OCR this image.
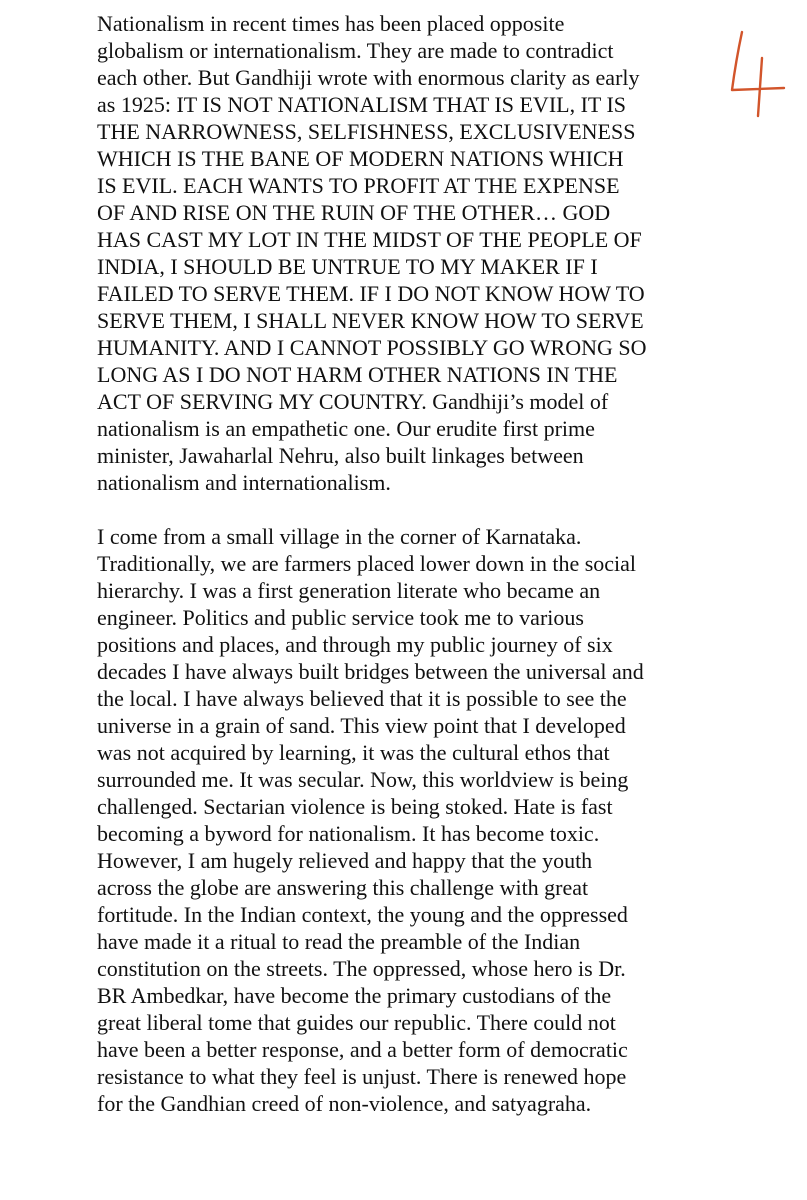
Nationalism in recent times has been placed opposite
globalism or internationalism. They are made to contradict
each other. But Gandhiji wrote with enormous clarity as early
as 1925: IT IS NOT NATIONALISM THAT IS EVIL, IT IS
THE NARROWNESS, SELFISHNESS, EXCLUSIVENESS
WHICH IS THE BANE OF MODERN NATIONS WHICH
IS EVIL. EACH WANTS TO PROFIT AT THE EXPENSE
OF AND RISE ON THE RUIN OF THE OTHER… GOD
HAS CAST MY LOT IN THE MIDST OF THE PEOPLE OF
INDIA, I SHOULD BE UNTRUE TO MY MAKER IF I
FAILED TO SERVE THEM. IF I DO NOT KNOW HOW TO
SERVE THEM, I SHALL NEVER KNOW HOW TO SERVE
HUMANITY. AND I CANNOT POSSIBLY GO WRONG SO
LONG AS I DO NOT HARM OTHER NATIONS IN THE
ACT OF SERVING MY COUNTRY. Gandhiji’s model of
nationalism is an empathetic one. Our erudite first prime
minister, Jawaharlal Nehru, also built linkages between
nationalism and internationalism.

I come from a small village in the corner of Karnataka.
Traditionally, we are farmers placed lower down in the social
hierarchy. I was a first generation literate who became an
engineer. Politics and public service took me to various
positions and places, and through my public journey of six
decades I have always built bridges between the universal and
the local. I have always believed that it is possible to see the
universe in a grain of sand. This view point that I developed
was not acquired by learning, it was the cultural ethos that
surrounded me. It was secular. Now, this worldview is being
challenged. Sectarian violence is being stoked. Hate is fast
becoming a byword for nationalism. It has become toxic.
However, I am hugely relieved and happy that the youth
across the globe are answering this challenge with great
fortitude. In the Indian context, the young and the oppressed
have made it a ritual to read the preamble of the Indian
constitution on the streets. The oppressed, whose hero is Dr.
BR Ambedkar, have become the primary custodians of the
great liberal tome that guides our republic. There could not
have been a better response, and a better form of democratic
resistance to what they feel is unjust. There is renewed hope
for the Gandhian creed of non-violence, and satyagraha.
